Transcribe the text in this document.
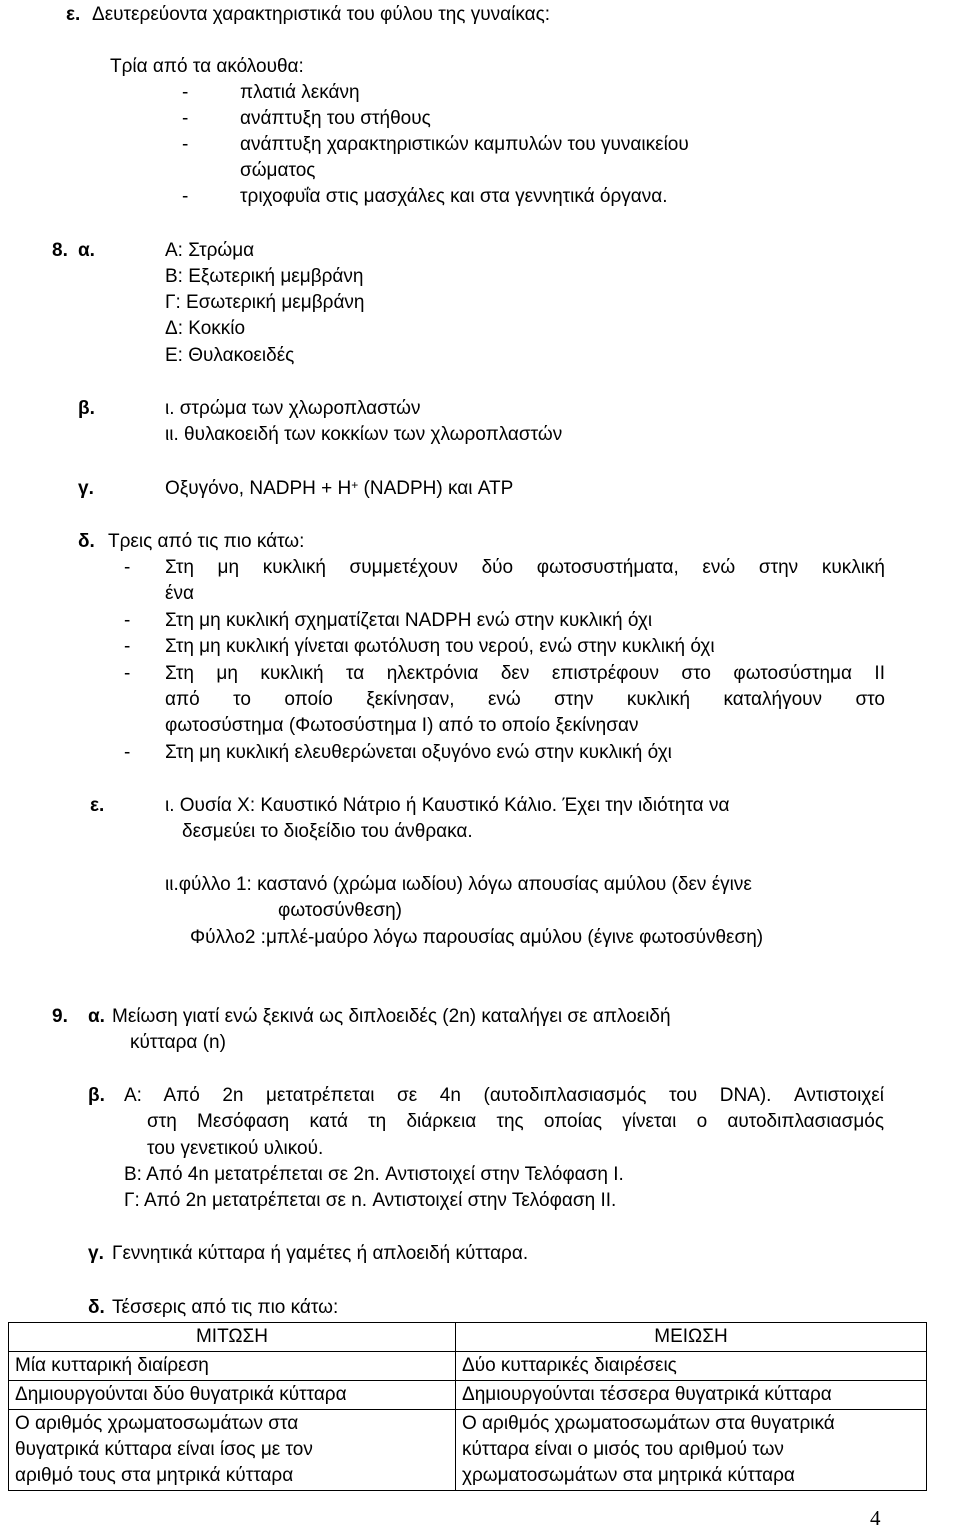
ε. Δευτερεύοντα χαρακτηριστικά του φύλου της γυναίκας:
Τρία από τα ακόλουθα:
-	πλατιά λεκάνη
-	ανάπτυξη του στήθους
-	ανάπτυξη χαρακτηριστικών καμπυλών του γυναικείου
σώματος
-	τριχοφυΐα στις μασχάλες και στα γεννητικά όργανα.
8. α.	Α: Στρώμα
Β: Εξωτερική μεμβράνη
Γ: Εσωτερική μεμβράνη
Δ: Κοκκίο
Ε: Θυλακοειδές
β.	ι. στρώμα των χλωροπλαστών
ιι. θυλακοειδή των κοκκίων των χλωροπλαστών
γ.	Οξυγόνο, NADPH + H+ (NADPH) και ATP
δ. Τρεις από τις πιο κάτω:
- Στη μη κυκλική συμμετέχουν δύο φωτοσυστήματα, ενώ στην κυκλική
ένα
- Στη μη κυκλική σχηματίζεται NADPH ενώ στην κυκλική όχι
- Στη μη κυκλική γίνεται φωτόλυση του νερού, ενώ στην κυκλική όχι
- Στη μη κυκλική τα ηλεκτρόνια δεν επιστρέφουν στο φωτοσύστημα ΙΙ
από το οποίο ξεκίνησαν, ενώ στην κυκλική καταλήγουν στο
φωτοσύστημα (Φωτοσύστημα Ι) από το οποίο ξεκίνησαν
- Στη μη κυκλική ελευθερώνεται οξυγόνο ενώ στην κυκλική όχι
ε.	ι. Ουσία Χ: Καυστικό Νάτριο ή Καυστικό Κάλιο. Έχει την ιδιότητα να
δεσμεύει το διοξείδιο του άνθρακα.
ιι.φύλλο 1: καστανό (χρώμα ιωδίου) λόγω απουσίας αμύλου (δεν έγινε
φωτοσύνθεση)
Φύλλο2 :μπλέ-μαύρο λόγω παρουσίας αμύλου (έγινε φωτοσύνθεση)
9. α. Μείωση γιατί ενώ ξεκινά ως διπλοειδές (2n) καταλήγει σε απλοειδή
κύτταρα (n)
β. Α: Από 2n μετατρέπεται σε 4n (αυτοδιπλασιασμός του DNA). Αντιστοιχεί
στη Μεσόφαση κατά τη διάρκεια της οποίας γίνεται ο αυτοδιπλασιασμός
του γενετικού υλικού.
Β: Από 4n μετατρέπεται σε 2n. Αντιστοιχεί στην Τελόφαση Ι.
Γ: Από 2n μετατρέπεται σε n. Αντιστοιχεί στην Τελόφαση ΙΙ.
γ. Γεννητικά κύτταρα ή γαμέτες ή απλοειδή κύτταρα.
δ. Τέσσερις από τις πιο κάτω:
ΜΙΤΩΣΗ	ΜΕΙΩΣΗ
Μία κυτταρική διαίρεση	Δύο κυτταρικές διαιρέσεις
Δημιουργούνται δύο θυγατρικά κύτταρα	Δημιουργούνται τέσσερα θυγατρικά κύτταρα
Ο αριθμός χρωματοσωμάτων στα
θυγατρικά κύτταρα είναι ίσος με τον
αριθμό τους στα μητρικά κύτταρα	Ο αριθμός χρωματοσωμάτων στα θυγατρικά
κύτταρα είναι ο μισός του αριθμού των
χρωματοσωμάτων στα μητρικά κύτταρα
4
